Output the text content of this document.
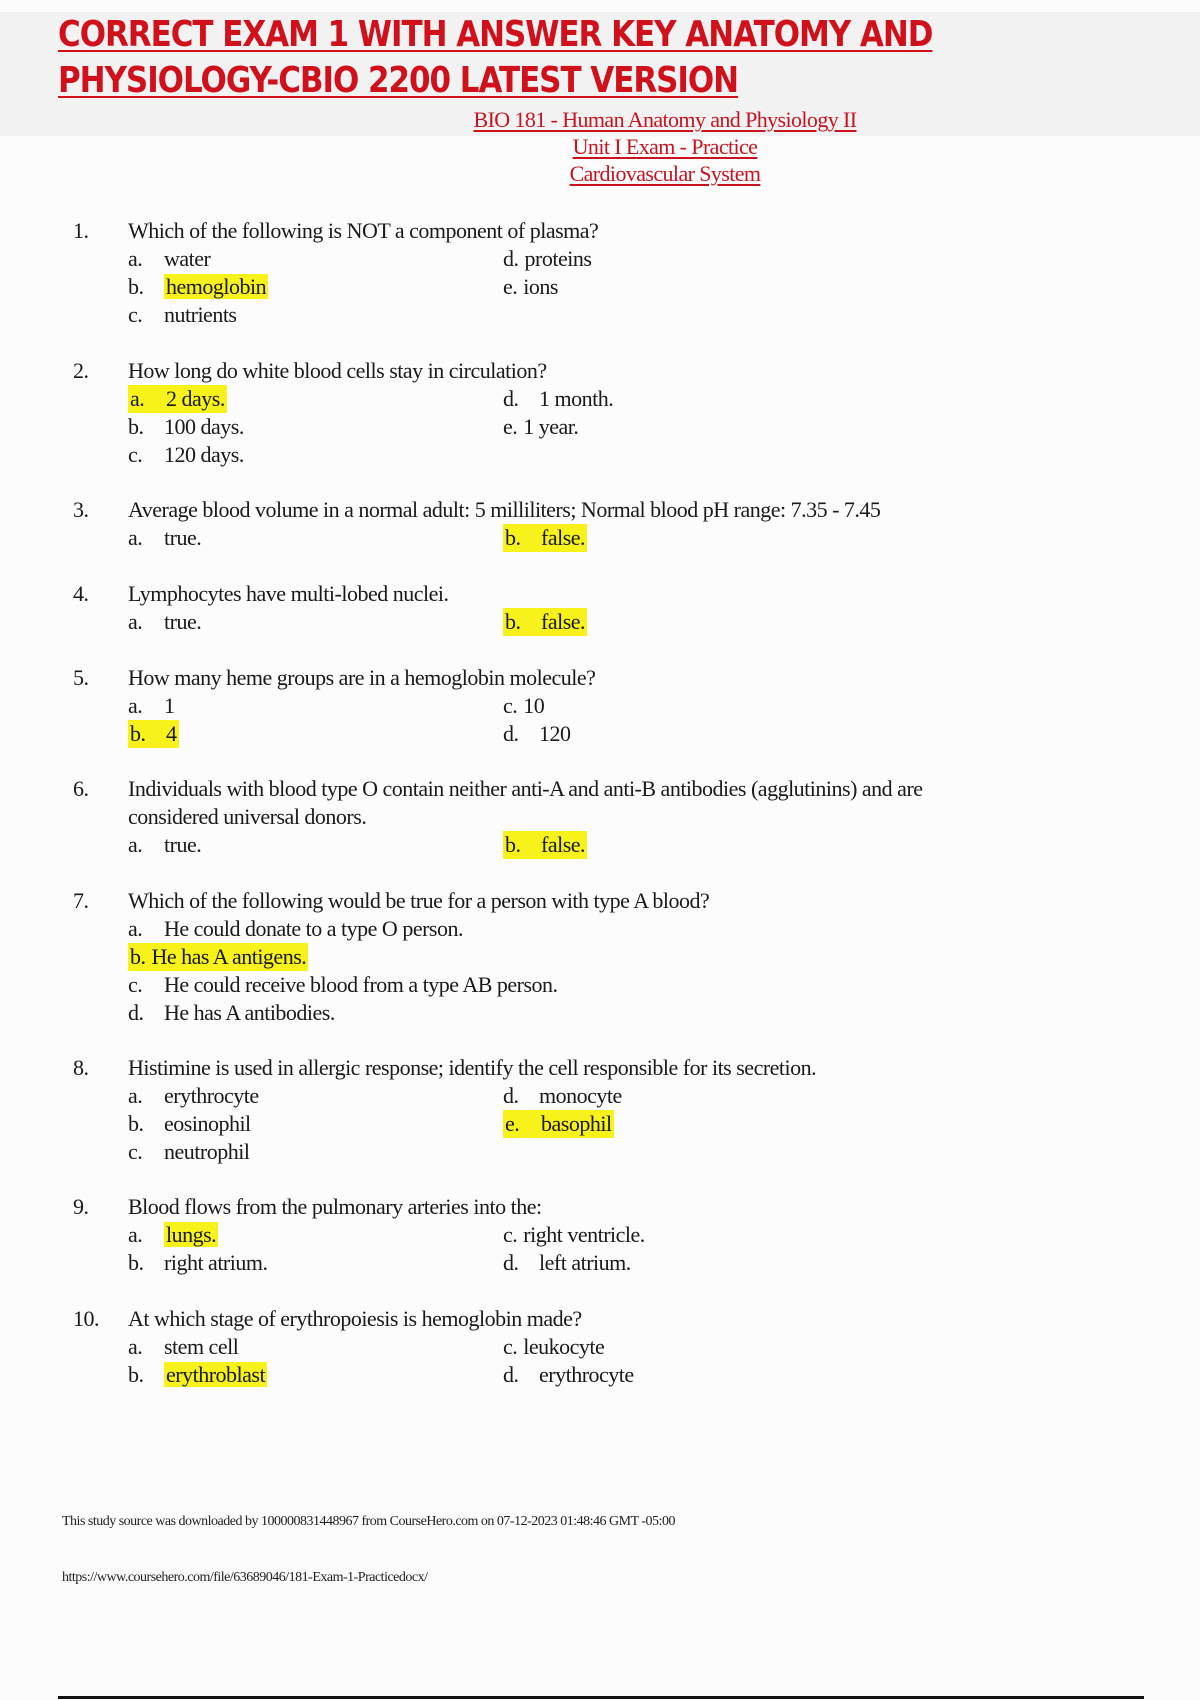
CORRECT EXAM 1 WITH ANSWER KEY ANATOMY AND
PHYSIOLOGY-CBIO 2200 LATEST VERSION
BIO 181 - Human Anatomy and Physiology II
Unit I Exam - Practice
Cardiovascular System
1.	Which of the following is NOT a component of plasma?
a. water	d. proteins
b. hemoglobin	e. ions
c. nutrients
2.	How long do white blood cells stay in circulation?
a. 2 days.	d. 1 month.
b. 100 days.	e. 1 year.
c. 120 days.
3.	Average blood volume in a normal adult: 5 milliliters; Normal blood pH range: 7.35 - 7.45
a. true.	b. false.
4.	Lymphocytes have multi-lobed nuclei.
a. true.	b. false.
5.	How many heme groups are in a hemoglobin molecule?
a. 1	c. 10
b. 4	d. 120
6.	Individuals with blood type O contain neither anti-A and anti-B antibodies (agglutinins) and are
considered universal donors.
a. true.	b. false.
7.	Which of the following would be true for a person with type A blood?
a. He could donate to a type O person.
b. He has A antigens.
c. He could receive blood from a type AB person.
d. He has A antibodies.
8.	Histimine is used in allergic response; identify the cell responsible for its secretion.
a. erythrocyte	d. monocyte
b. eosinophil	e. basophil
c. neutrophil
9.	Blood flows from the pulmonary arteries into the:
a. lungs.	c. right ventricle.
b. right atrium.	d. left atrium.
10.	At which stage of erythropoiesis is hemoglobin made?
a. stem cell	c. leukocyte
b. erythroblast	d. erythrocyte
This study source was downloaded by 100000831448967 from CourseHero.com on 07-12-2023 01:48:46 GMT -05:00
https://www.coursehero.com/file/63689046/181-Exam-1-Practicedocx/
